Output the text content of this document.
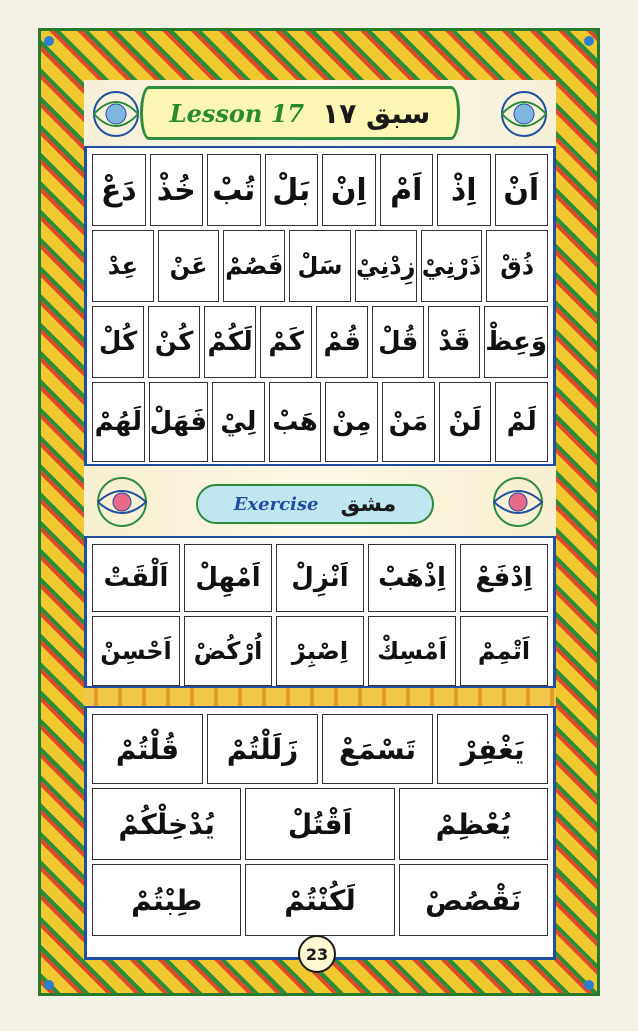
Lesson 17 سبق ١٧
اَنْ
اِذْ
اَمْ
اِنْ
بَلْ
تُبْ
خُذْ
دَعْ
ذُقْ
ذَرْنِيْ
زِدْنِيْ
سَلْ
فَصُمْ
عَنْ
عِدْ
وَعِظْ
قَدْ
قُلْ
قُمْ
كَمْ
لَكُمْ
كُنْ
كُلْ
لَمْ
لَنْ
مَنْ
مِنْ
هَبْ
لِيْ
فَهَلْ
لَهُمْ
Exercise مشق
اِدْفَعْ
اِذْهَبْ
اَنْزِلْ
اَمْهِلْ
اَلْقَتْ
اَتْمِمْ
اَمْسِكْ
اِصْبِرْ
اُرْكُضْ
اَحْسِنْ
يَغْفِرْ
تَسْمَعْ
زَلَلْتُمْ
قُلْتُمْ
يُعْظِمْ
اَقْتُلْ
يُدْخِلْكُمْ
نَقْصُصْ
لَكُنْتُمْ
طِبْتُمْ
23
